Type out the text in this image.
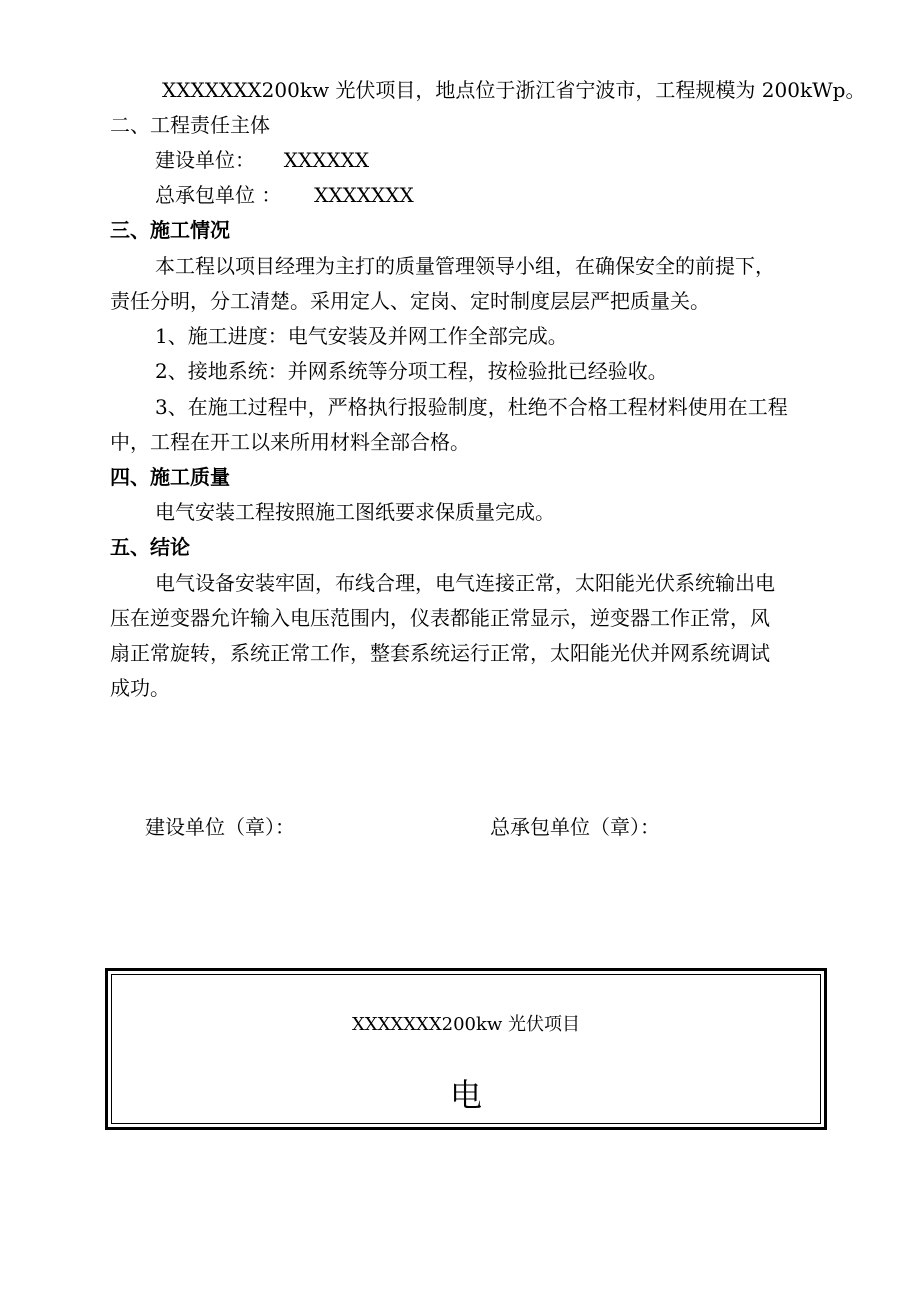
XXXXXXX200kw 光伏项目，地点位于浙江省宁波市，工程规模为 200kWp。
二、工程责任主体
建设单位： XXXXXX
总承包单位 ： XXXXXXX
三、施工情况
本工程以项目经理为主打的质量管理领导小组，在确保安全的前提下，
责任分明，分工清楚。采用定人、定岗、定时制度层层严把质量关。
1、施工进度：电气安装及并网工作全部完成。
2、接地系统：并网系统等分项工程，按检验批已经验收。
3、在施工过程中，严格执行报验制度，杜绝不合格工程材料使用在工程
中，工程在开工以来所用材料全部合格。
四、施工质量
电气安装工程按照施工图纸要求保质量完成。
五、结论
电气设备安装牢固，布线合理，电气连接正常，太阳能光伏系统输出电
压在逆变器允许输入电压范围内，仪表都能正常显示，逆变器工作正常，风
扇正常旋转，系统正常工作，整套系统运行正常，太阳能光伏并网系统调试
成功。
建设单位（章）：	总承包单位（章）：
XXXXXXX200kw 光伏项目
电
